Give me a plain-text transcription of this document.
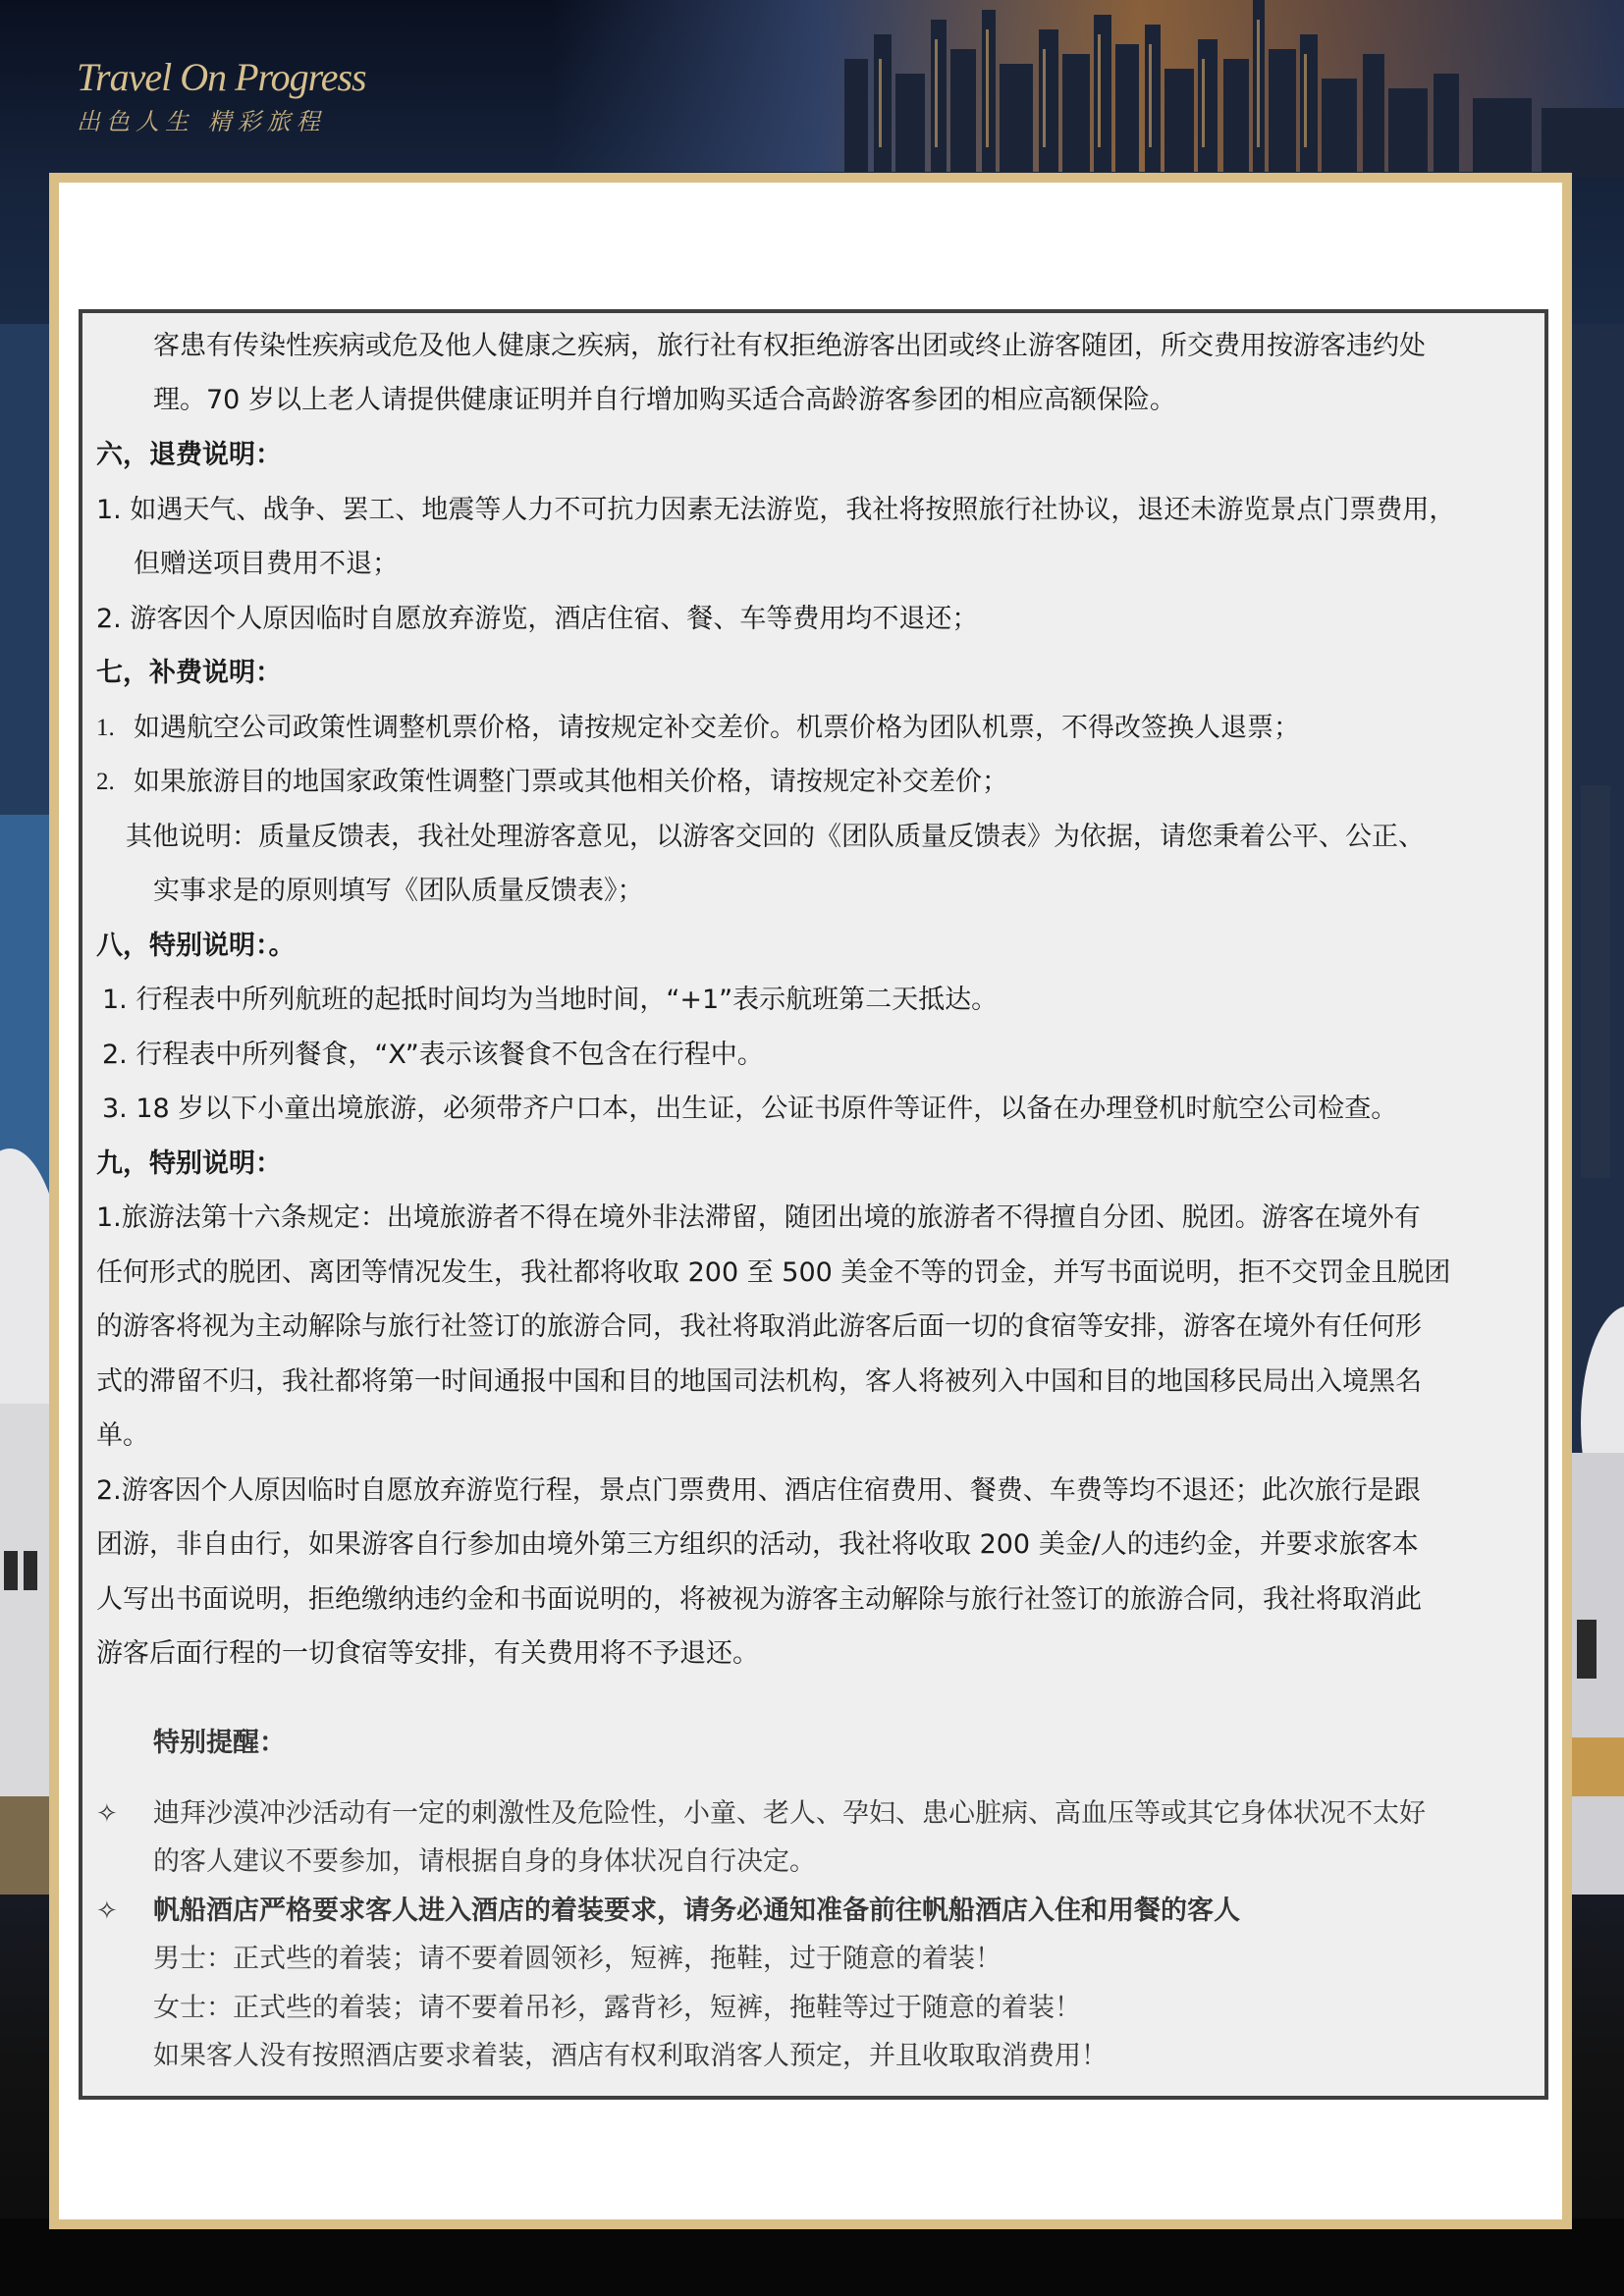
Travel On Progress
出色人生 精彩旅程
客患有传染性疾病或危及他人健康之疾病，旅行社有权拒绝游客出团或终止游客随团，所交费用按游客违约处
理。70 岁以上老人请提供健康证明并自行增加购买适合高龄游客参团的相应高额保险。
六，退费说明：
1. 如遇天气、战争、罢工、地震等人力不可抗力因素无法游览，我社将按照旅行社协议，退还未游览景点门票费用，
但赠送项目费用不退；
2. 游客因个人原因临时自愿放弃游览，酒店住宿、餐、车等费用均不退还；
七，补费说明：
1. 如遇航空公司政策性调整机票价格，请按规定补交差价。机票价格为团队机票，不得改签换人退票；
2. 如果旅游目的地国家政策性调整门票或其他相关价格，请按规定补交差价；
其他说明：质量反馈表，我社处理游客意见，以游客交回的《团队质量反馈表》为依据，请您秉着公平、公正、
实事求是的原则填写《团队质量反馈表》；
八，特别说明：。
1. 行程表中所列航班的起抵时间均为当地时间，“+1”表示航班第二天抵达。
2. 行程表中所列餐食，“X”表示该餐食不包含在行程中。
3. 18 岁以下小童出境旅游，必须带齐户口本，出生证，公证书原件等证件，以备在办理登机时航空公司检查。
九，特别说明：
1.旅游法第十六条规定：出境旅游者不得在境外非法滞留，随团出境的旅游者不得擅自分团、脱团。游客在境外有
任何形式的脱团、离团等情况发生，我社都将收取 200 至 500 美金不等的罚金，并写书面说明，拒不交罚金且脱团
的游客将视为主动解除与旅行社签订的旅游合同，我社将取消此游客后面一切的食宿等安排，游客在境外有任何形
式的滞留不归，我社都将第一时间通报中国和目的地国司法机构，客人将被列入中国和目的地国移民局出入境黑名
单。
2.游客因个人原因临时自愿放弃游览行程，景点门票费用、酒店住宿费用、餐费、车费等均不退还；此次旅行是跟
团游，非自由行，如果游客自行参加由境外第三方组织的活动，我社将收取 200 美金/人的违约金，并要求旅客本
人写出书面说明，拒绝缴纳违约金和书面说明的，将被视为游客主动解除与旅行社签订的旅游合同，我社将取消此
游客后面行程的一切食宿等安排，有关费用将不予退还。
特别提醒：
✧ 迪拜沙漠冲沙活动有一定的刺激性及危险性，小童、老人、孕妇、患心脏病、高血压等或其它身体状况不太好
的客人建议不要参加，请根据自身的身体状况自行决定。
✧ 帆船酒店严格要求客人进入酒店的着装要求，请务必通知准备前往帆船酒店入住和用餐的客人
男士：正式些的着装；请不要着圆领衫，短裤，拖鞋，过于随意的着装！
女士：正式些的着装；请不要着吊衫，露背衫，短裤，拖鞋等过于随意的着装！
如果客人没有按照酒店要求着装，酒店有权利取消客人预定，并且收取取消费用！
